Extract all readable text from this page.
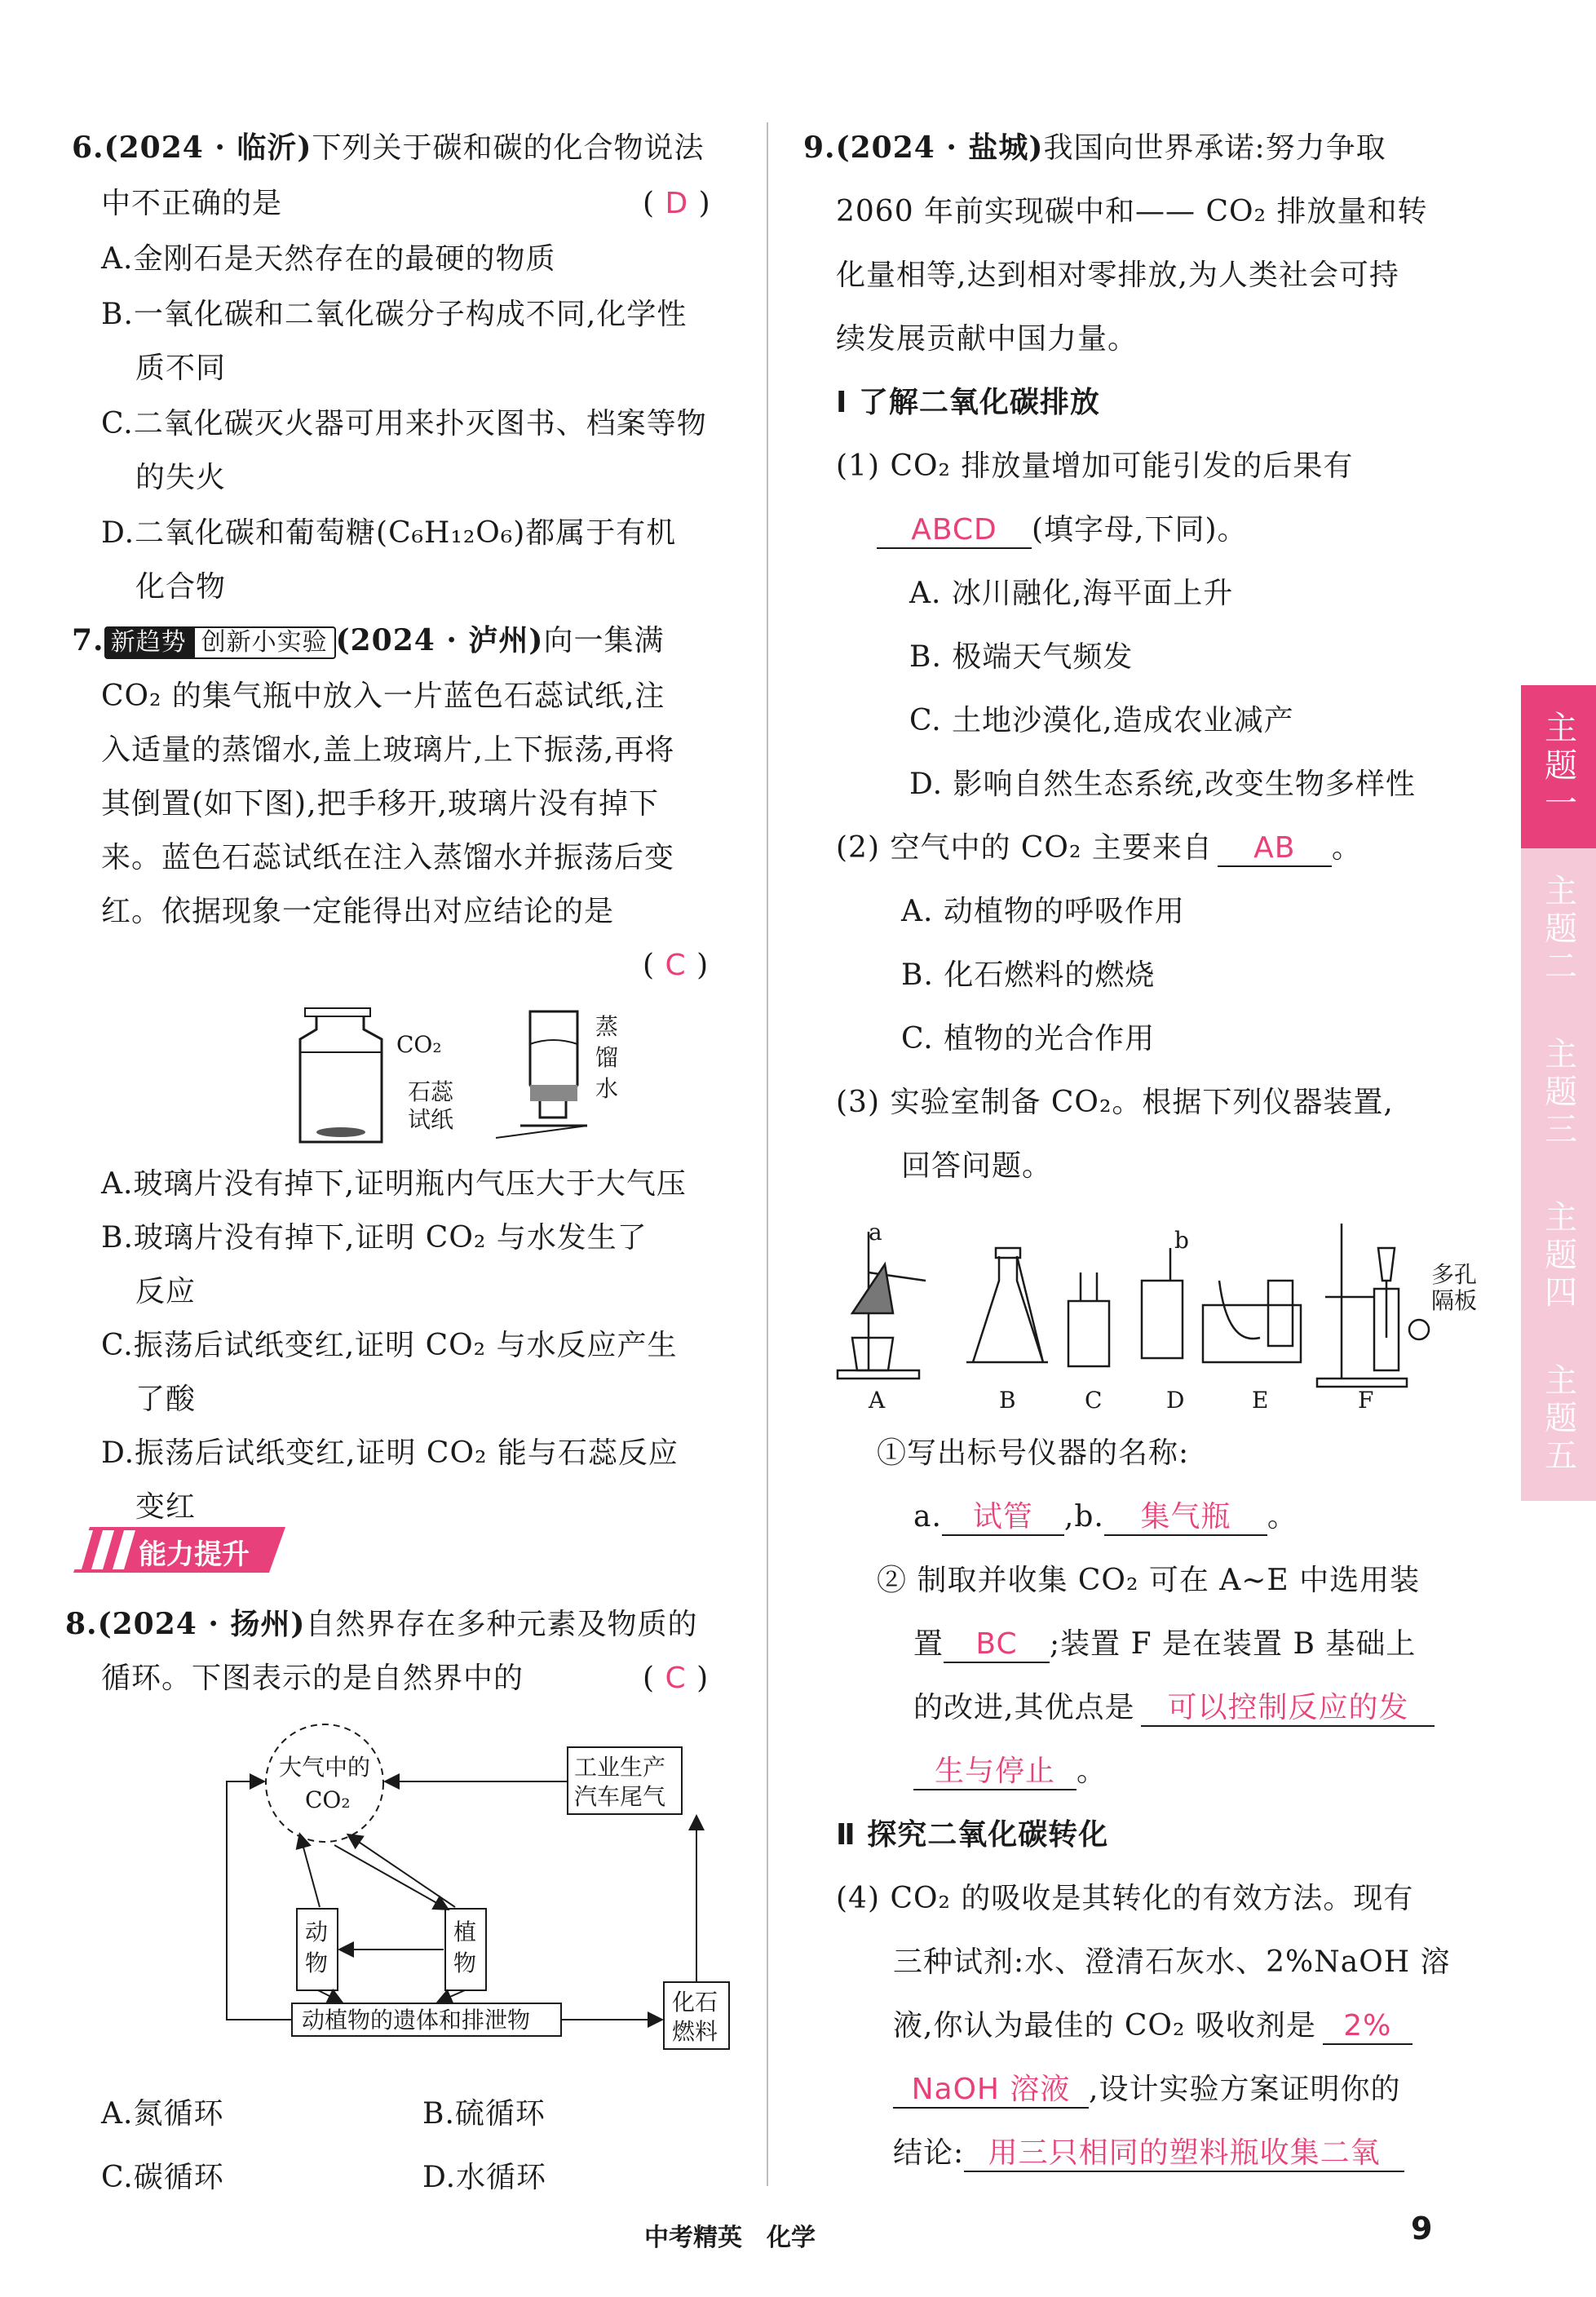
6.(2024 · 临沂)下列关于碳和碳的化合物说法
中不正确的是	( D )
A.金刚石是天然存在的最硬的物质
B.一氧化碳和二氧化碳分子构成不同,化学性
质不同
C.二氧化碳灭火器可用来扑灭图书、档案等物
的失火
D.二氧化碳和葡萄糖(C₆H₁₂O₆)都属于有机
化合物
7. 新趋势 创新小实验 (2024 · 泸州)向一集满
CO₂ 的集气瓶中放入一片蓝色石蕊试纸,注
入适量的蒸馏水,盖上玻璃片,上下振荡,再将
其倒置(如下图),把手移开,玻璃片没有掉下
来。蓝色石蕊试纸在注入蒸馏水并振荡后变
红。依据现象一定能得出对应结论的是
( C )
CO₂
石蕊
试纸
蒸
馏
水
A.玻璃片没有掉下,证明瓶内气压大于大气压
B.玻璃片没有掉下,证明 CO₂ 与水发生了
反应
C.振荡后试纸变红,证明 CO₂ 与水反应产生
了酸
D.振荡后试纸变红,证明 CO₂ 能与石蕊反应
变红
8.(2024 · 扬州)自然界存在多种元素及物质的
循环。下图表示的是自然界中的	( C )
大气中的
CO₂
工业生产
汽车尾气
动
物
植
物
动植物的遗体和排泄物
化石
燃料
A.氮循环	B.硫循环
C.碳循环	D.水循环
能力提升
9.(2024 · 盐城)我国向世界承诺:努力争取
2060 年前实现碳中和—— CO₂ 排放量和转
化量相等,达到相对零排放,为人类社会可持
续发展贡献中国力量。
Ⅰ 了解二氧化碳排放
(1) CO₂ 排放量增加可能引发的后果有
ABCD (填字母,下同)。
A. 冰川融化,海平面上升
B. 极端天气频发
C. 土地沙漠化,造成农业减产
D. 影响自然生态系统,改变生物多样性
(2) 空气中的 CO₂ 主要来自 AB 。
A. 动植物的呼吸作用
B. 化石燃料的燃烧
C. 植物的光合作用
(3) 实验室制备 CO₂。根据下列仪器装置,
回答问题。
a	b
多孔
隔板
A	B	C	D	E	F
①写出标号仪器的名称:
a. 试管 ,b. 集气瓶 。
② 制取并收集 CO₂ 可在 A~E 中选用装
置 BC ;装置 F 是在装置 B 基础上
的改进,其优点是 可以控制反应的发
生与停止 。
Ⅱ 探究二氧化碳转化
(4) CO₂ 的吸收是其转化的有效方法。现有
三种试剂:水、澄清石灰水、2%NaOH 溶
液,你认为最佳的 CO₂ 吸收剂是 2%
NaOH 溶液 ,设计实验方案证明你的
结论: 用三只相同的塑料瓶收集二氧
主题一
主题二
主题三
主题四
主题五
中考精英　化学	9
